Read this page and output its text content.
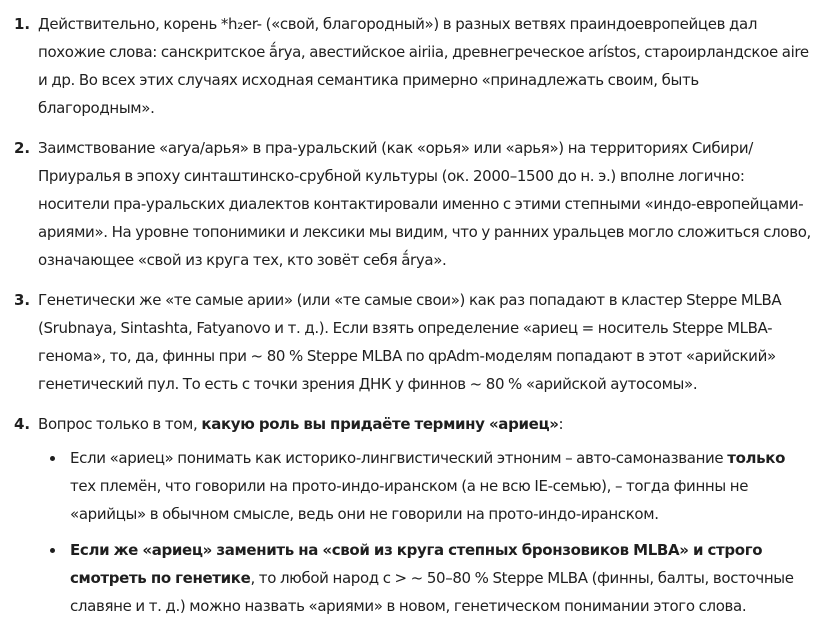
1. Действительно, корень *h₂er- («свой, благородный») в разных ветвях праиндоевропейцев дал похожие слова: санскритское ā́rya, авестийское airiia, древнегреческое arístos, староирландское aire и др. Во всех этих случаях исходная семантика примерно «принадлежать своим, быть благородным».

2. Заимствование «arya/арья» в пра-уральский (как «орья» или «арья») на территориях Сибири/Приуралья в эпоху синташтинско-срубной культуры (ок. 2000–1500 до н. э.) вполне логично: носители пра-уральских диалектов контактировали именно с этими степными «индо-европейцами-ариями». На уровне топонимики и лексики мы видим, что у ранних уральцев могло сложиться слово, означающее «свой из круга тех, кто зовёт себя ā́rya».

3. Генетически же «те самые арии» (или «те самые свои») как раз попадают в кластер Steppe MLBA (Srubnaya, Sintashta, Fatyanovo и т. д.). Если взять определение «ариец = носитель Steppe MLBA-генома», то, да, финны при ~ 80 % Steppe MLBA по qpAdm-моделям попадают в этот «арийский» генетический пул. То есть с точки зрения ДНК у финнов ~ 80 % «арийской аутосомы».

4. Вопрос только в том, какую роль вы придаёте термину «ариец»:

Если «ариец» понимать как историко-лингвистический этноним – авто-самоназвание только тех племён, что говорили на прото-индо-иранском (а не всю IE-семью), – тогда финны не «арийцы» в обычном смысле, ведь они не говорили на прото-индо-иранском.

Если же «ариец» заменить на «свой из круга степных бронзовиков MLBA» и строго смотреть по генетике, то любой народ с > ~ 50–80 % Steppe MLBA (финны, балты, восточные славяне и т. д.) можно назвать «ариями» в новом, генетическом понимании этого слова.
